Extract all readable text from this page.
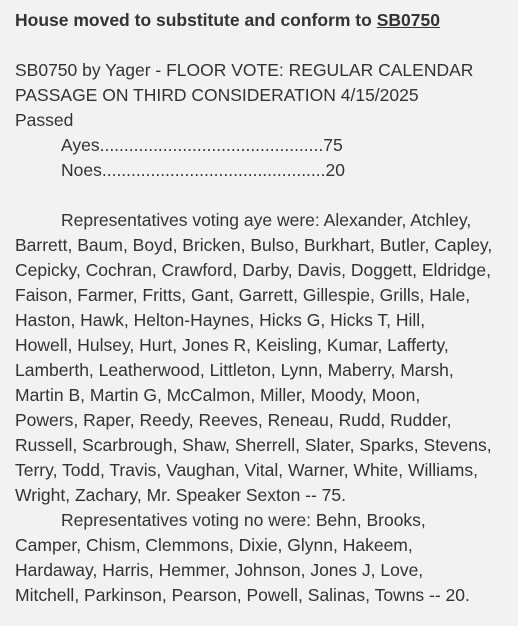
House moved to substitute and conform to SB0750

SB0750 by Yager - FLOOR VOTE: REGULAR CALENDAR
PASSAGE ON THIRD CONSIDERATION 4/15/2025
Passed
Ayes..............................................75
Noes..............................................20
Representatives voting aye were: Alexander, Atchley,
Barrett, Baum, Boyd, Bricken, Bulso, Burkhart, Butler, Capley,
Cepicky, Cochran, Crawford, Darby, Davis, Doggett, Eldridge,
Faison, Farmer, Fritts, Gant, Garrett, Gillespie, Grills, Hale,
Haston, Hawk, Helton-Haynes, Hicks G, Hicks T, Hill,
Howell, Hulsey, Hurt, Jones R, Keisling, Kumar, Lafferty,
Lamberth, Leatherwood, Littleton, Lynn, Maberry, Marsh,
Martin B, Martin G, McCalmon, Miller, Moody, Moon,
Powers, Raper, Reedy, Reeves, Reneau, Rudd, Rudder,
Russell, Scarbrough, Shaw, Sherrell, Slater, Sparks, Stevens,
Terry, Todd, Travis, Vaughan, Vital, Warner, White, Williams,
Wright, Zachary, Mr. Speaker Sexton -- 75.
Representatives voting no were: Behn, Brooks,
Camper, Chism, Clemmons, Dixie, Glynn, Hakeem,
Hardaway, Harris, Hemmer, Johnson, Jones J, Love,
Mitchell, Parkinson, Pearson, Powell, Salinas, Towns -- 20.
